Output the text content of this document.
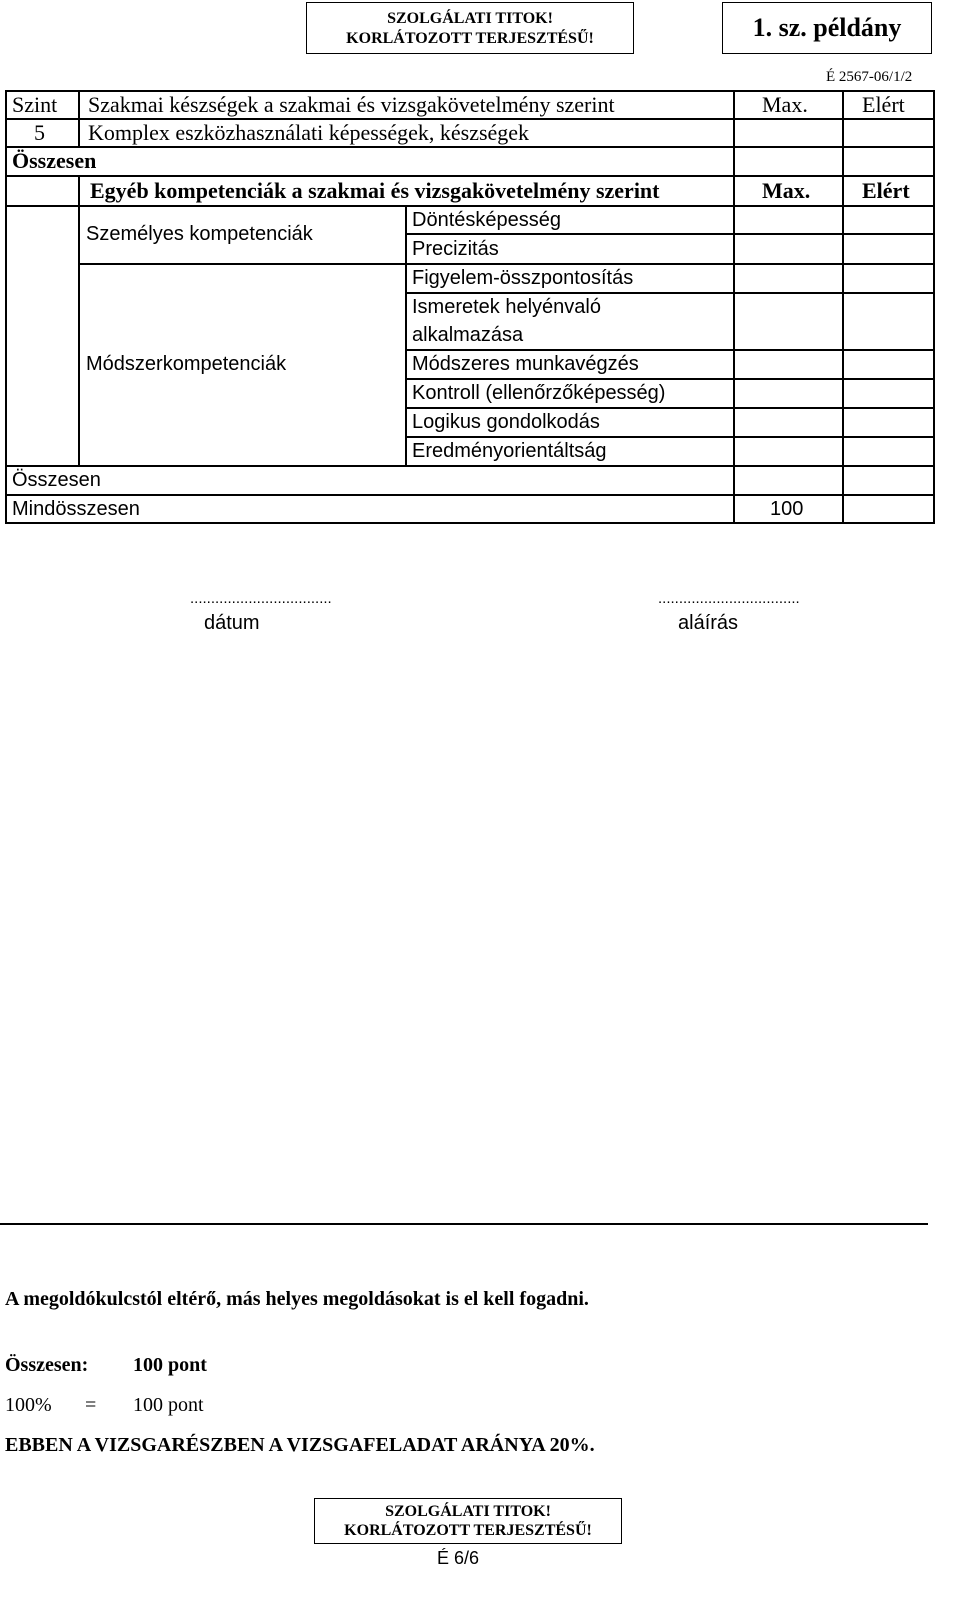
SZOLGÁLATI TITOK!
KORLÁTOZOTT TERJESZTÉSŰ!	1. sz. példány
É 2567-06/1/2
Szint Szakmai készségek a szakmai és vizsgakövetelmény szerint	Max. Elért
5 Komplex eszközhasználati képességek, készségek
Összesen
Egyéb kompetenciák a szakmai és vizsgakövetelmény szerint	Max. Elért
Személyes kompetenciák
Döntésképesség
Precizitás
Módszerkompetenciák
Figyelem-összpontosítás
Ismeretek helyénvaló
alkalmazása
Módszeres munkavégzés
Kontroll (ellenőrzőképesség)
Logikus gondolkodás
Eredményorientáltság
Összesen
Mindösszesen	100
..................................
dátum
..................................
aláírás
A megoldókulcstól eltérő, más helyes megoldásokat is el kell fogadni.
Összesen: 100 pont
100% = 100 pont
EBBEN A VIZSGARÉSZBEN A VIZSGAFELADAT ARÁNYA 20%.
SZOLGÁLATI TITOK!
KORLÁTOZOTT TERJESZTÉSŰ!
É 6/6
